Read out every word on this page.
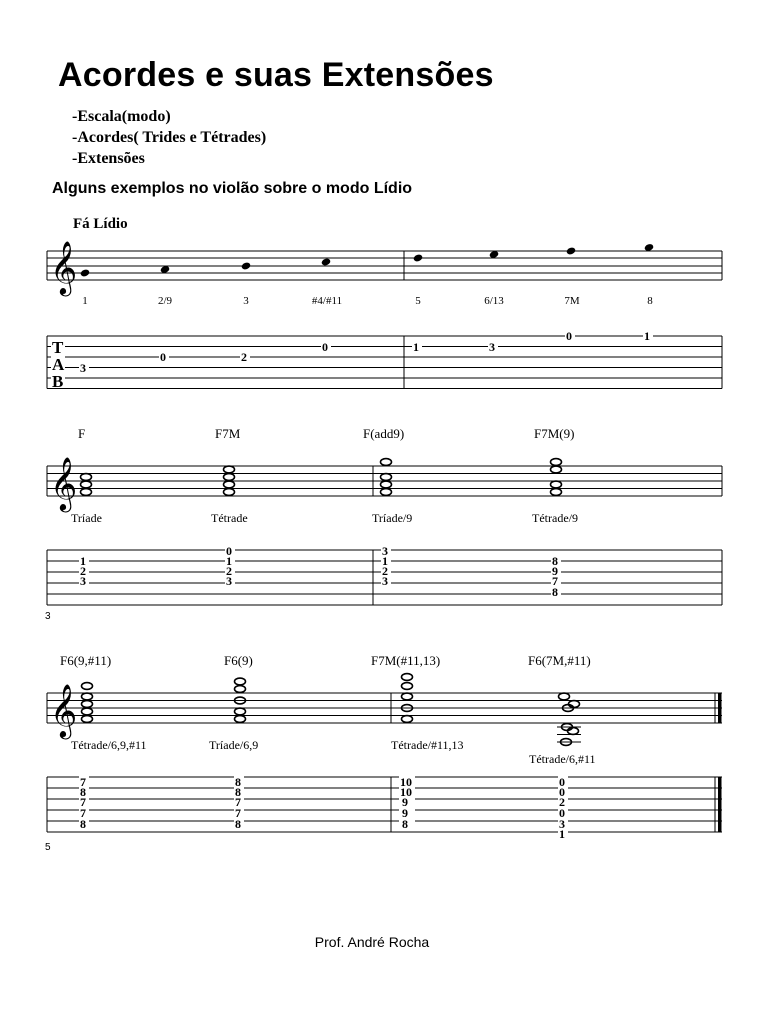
Acordes e suas Extensões
-Escala(modo)
-Acordes( Trides e Tétrades)
-Extensões
Alguns exemplos no violão sobre o modo Lídio
Fá Lídio
𝄞
1	2/9	3	#4/#11	5	6/13	7M	8
T
A
B
3
0	2
0	1	3
0	1
F	F7M	F(add9)	F7M(9)
𝄞
Tríade	Tétrade	Tríade/9	Tétrade/9
1
2
3
0
1
2
3
3
1
2
3
8
9
7
8
3
F6(9,#11)	F6(9)	F7M(#11,13)	F6(7M,#11)
𝄞
Tétrade/6,9,#11	Tríade/6,9	Tétrade/#11,13
Tétrade/6,#11
7
8
7
7
8
8
8
7
7
8
10
10
9
9
8
0
0
2
0
3
1
5
Prof. André Rocha
